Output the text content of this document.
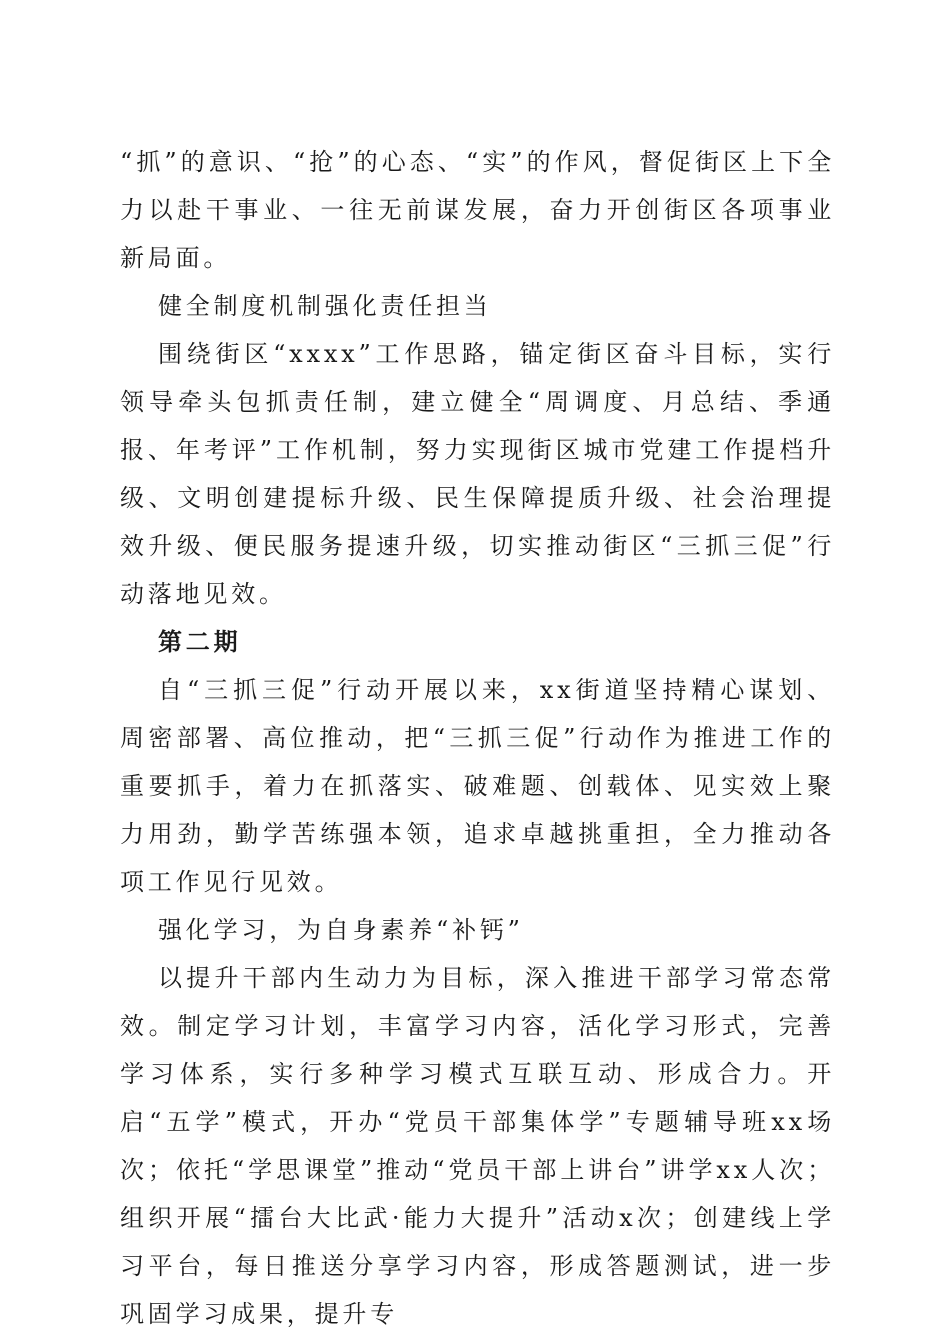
“抓”的意识、“抢”的心态、“实”的作风，督促街区上下全力以赴干事业、一往无前谋发展，奋力开创街区各项事业新局面。

健全制度机制强化责任担当

围绕街区“xxxx”工作思路，锚定街区奋斗目标，实行领导牵头包抓责任制，建立健全“周调度、月总结、季通报、年考评”工作机制，努力实现街区城市党建工作提档升级、文明创建提标升级、民生保障提质升级、社会治理提效升级、便民服务提速升级，切实推动街区“三抓三促”行动落地见效。

第二期

自“三抓三促”行动开展以来，xx街道坚持精心谋划、周密部署、高位推动，把“三抓三促”行动作为推进工作的重要抓手，着力在抓落实、破难题、创载体、见实效上聚力用劲，勤学苦练强本领，追求卓越挑重担，全力推动各项工作见行见效。

强化学习，为自身素养“补钙”

以提升干部内生动力为目标，深入推进干部学习常态常效。制定学习计划，丰富学习内容，活化学习形式，完善学习体系，实行多种学习模式互联互动、形成合力。开启“五学”模式，开办“党员干部集体学”专题辅导班xx场次；依托“学思课堂”推动“党员干部上讲台”讲学xx人次；组织开展“擂台大比武·能力大提升”活动x次；创建线上学习平台，每日推送分享学习内容，形成答题测试，进一步巩固学习成果，提升专
